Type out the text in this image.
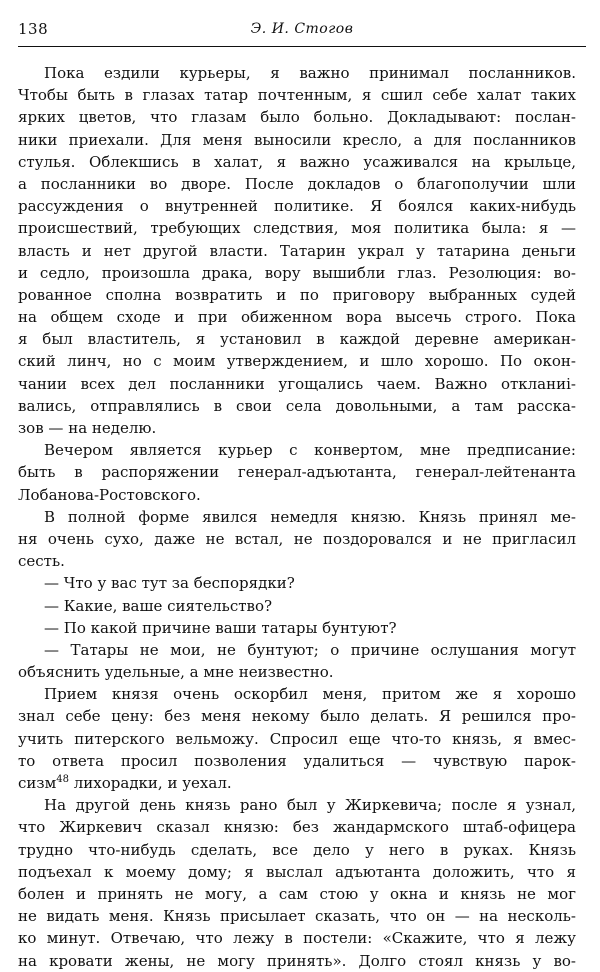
138	Э. И. Стогов
Пока ездили курьеры, я важно принимал посланников.
Чтобы быть в глазах татар почтенным, я сшил себе халат таких
ярких цветов, что глазам было больно. Докладывают: послан-
ники приехали. Для меня выносили кресло, а для посланников
стулья. Облекшись в халат, я важно усаживался на крыльце,
а посланники во дворе. После докладов о благополучии шли
рассуждения о внутренней политике. Я боялся каких-нибудь
происшествий, требующих следствия, моя политика была: я —
власть и нет другой власти. Татарин украл у татарина деньги
и седло, произошла драка, вору вышибли глаз. Резолюция: во-
рованное сполна возвратить и по приговору выбранных судей
на общем сходе и при обиженном вора высечь строго. Пока
я был властитель, я установил в каждой деревне американ-
ский линч, но с моим утверждением, и шло хорошо. По окон-
чании всех дел посланники угощались чаем. Важно откланиi-
вались, отправлялись в свои села довольными, а там расска-
зов — на неделю.
Вечером является курьер с конвертом, мне предписание:
быть в распоряжении генерал-адъютанта, генерал-лейтенанта
Лобанова-Ростовского.
В полной форме явился немедля князю. Князь принял ме-
ня очень сухо, даже не встал, не поздоровался и не пригласил
сесть.
— Что у вас тут за беспорядки?
— Какие, ваше сиятельство?
— По какой причине ваши татары бунтуют?
— Татары не мои, не бунтуют; о причине ослушания могут
объяснить удельные, а мне неизвестно.
Прием князя очень оскорбил меня, притом же я хорошо
знал себе цену: без меня некому было делать. Я решился про-
учить питерского вельможу. Спросил еще что-то князь, я вмес-
то ответа просил позволения удалиться — чувствую парок-
сизм$^{48}$ лихорадки, и уехал.
На другой день князь рано был у Жиркевича; после я узнал,
что Жиркевич сказал князю: без жандармского штаб-офицера
трудно что-нибудь сделать, все дело у него в руках. Князь
подъехал к моему дому; я выслал адъютанта доложить, что я
болен и принять не могу, а сам стою у окна и князь не мог
не видать меня. Князь присылает сказать, что он — на несколь-
ко минут. Отвечаю, что лежу в постели: «Скажите, что я лежу
на кровати жены, не могу принять». Долго стоял князь у во-
